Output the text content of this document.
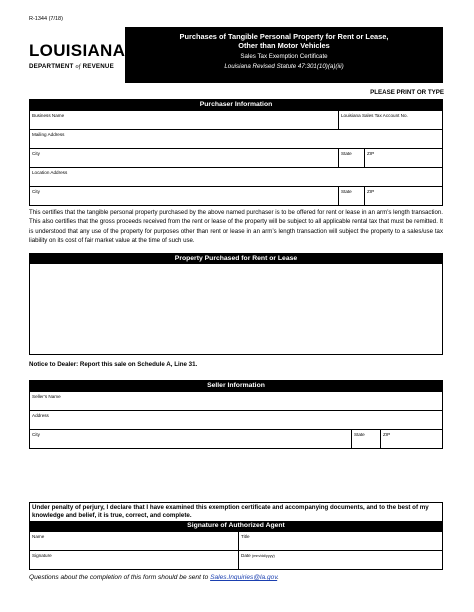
R-1344 (7/18)
LOUISIANA
DEPARTMENT of REVENUE
Purchases of Tangible Personal Property for Rent or Lease,
Other than Motor Vehicles
Sales Tax Exemption Certificate
Louisiana Revised Statute 47:301(10)(a)(iii)
PLEASE PRINT OR TYPE
Purchaser Information
Business Name	Louisiana Sales Tax Account No.
Mailing Address
City	State	ZIP
Location Address
City	State	ZIP
This certifies that the tangible personal property purchased by the above named purchaser is to be offered for rent or lease in an arm’s length transaction. This also certifies that the gross proceeds received from the rent or lease of the property will be subject to all applicable rental tax that must be remitted. It is understood that any use of the property for purposes other than rent or lease in an arm’s length transaction will subject the property to a sales/use tax liability on its cost of fair market value at the time of such use.
Property Purchased for Rent or Lease
Notice to Dealer: Report this sale on Schedule A, Line 31.
Seller Information
Seller’s Name
Address
City	State	ZIP
Under penalty of perjury, I declare that I have examined this exemption certificate and accompanying documents, and to the best of my knowledge and belief, it is true, correct, and complete.
Signature of Authorized Agent
Name	Title
Signature	Date (mm/dd/yyyy)
Questions about the completion of this form should be sent to Sales.Inquiries@la.gov.
